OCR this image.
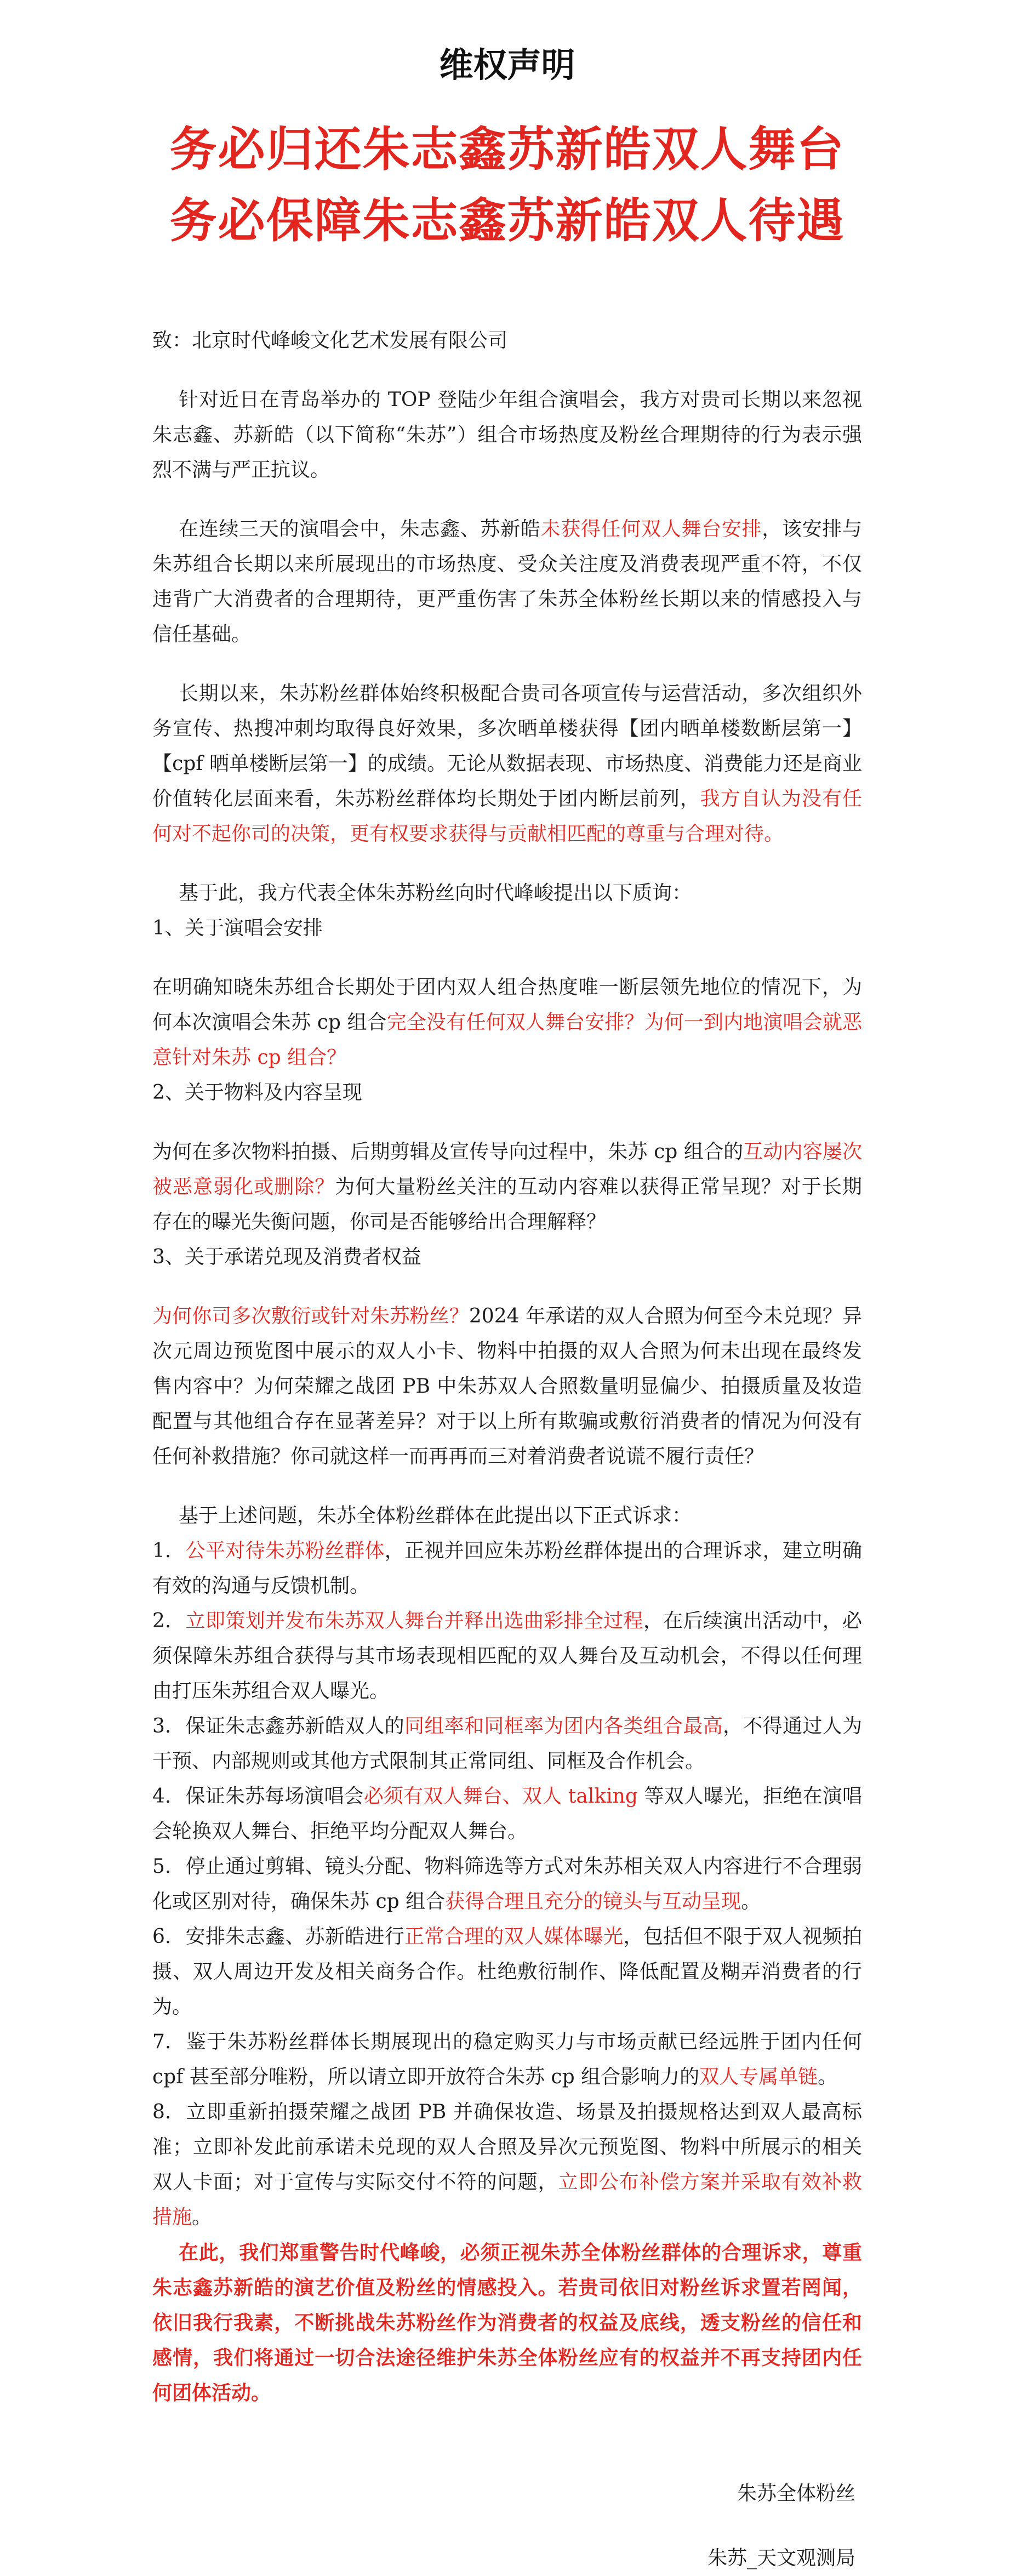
维权声明
务必归还朱志鑫苏新皓双人舞台
务必保障朱志鑫苏新皓双人待遇

致：北京时代峰峻文化艺术发展有限公司

针对近日在青岛举办的 TOP 登陆少年组合演唱会，我方对贵司长期以来忽视朱志鑫、苏新皓（以下简称“朱苏”）组合市场热度及粉丝合理期待的行为表示强烈不满与严正抗议。

在连续三天的演唱会中，朱志鑫、苏新皓未获得任何双人舞台安排，该安排与朱苏组合长期以来所展现出的市场热度、受众关注度及消费表现严重不符，不仅违背广大消费者的合理期待，更严重伤害了朱苏全体粉丝长期以来的情感投入与信任基础。

长期以来，朱苏粉丝群体始终积极配合贵司各项宣传与运营活动，多次组织外务宣传、热搜冲刺均取得良好效果，多次晒单楼获得【团内晒单楼数断层第一】【cpf 晒单楼断层第一】的成绩。无论从数据表现、市场热度、消费能力还是商业价值转化层面来看，朱苏粉丝群体均长期处于团内断层前列，我方自认为没有任何对不起你司的决策，更有权要求获得与贡献相匹配的尊重与合理对待。

基于此，我方代表全体朱苏粉丝向时代峰峻提出以下质询：

1、关于演唱会安排

在明确知晓朱苏组合长期处于团内双人组合热度唯一断层领先地位的情况下，为何本次演唱会朱苏 cp 组合完全没有任何双人舞台安排？为何一到内地演唱会就恶意针对朱苏 cp 组合？

2、关于物料及内容呈现

为何在多次物料拍摄、后期剪辑及宣传导向过程中，朱苏 cp 组合的互动内容屡次被恶意弱化或删除？为何大量粉丝关注的互动内容难以获得正常呈现？对于长期存在的曝光失衡问题，你司是否能够给出合理解释？

3、关于承诺兑现及消费者权益

为何你司多次敷衍或针对朱苏粉丝？2024 年承诺的双人合照为何至今未兑现？异次元周边预览图中展示的双人小卡、物料中拍摄的双人合照为何未出现在最终发售内容中？为何荣耀之战团 PB 中朱苏双人合照数量明显偏少、拍摄质量及妆造配置与其他组合存在显著差异？对于以上所有欺骗或敷衍消费者的情况为何没有任何补救措施？你司就这样一而再再而三对着消费者说谎不履行责任？

基于上述问题，朱苏全体粉丝群体在此提出以下正式诉求：

1. 公平对待朱苏粉丝群体，正视并回应朱苏粉丝群体提出的合理诉求，建立明确有效的沟通与反馈机制。

2. 立即策划并发布朱苏双人舞台并释出选曲彩排全过程，在后续演出活动中，必须保障朱苏组合获得与其市场表现相匹配的双人舞台及互动机会，不得以任何理由打压朱苏组合双人曝光。

3. 保证朱志鑫苏新皓双人的同组率和同框率为团内各类组合最高，不得通过人为干预、内部规则或其他方式限制其正常同组、同框及合作机会。

4. 保证朱苏每场演唱会必须有双人舞台、双人 talking 等双人曝光，拒绝在演唱会轮换双人舞台、拒绝平均分配双人舞台。

5. 停止通过剪辑、镜头分配、物料筛选等方式对朱苏相关双人内容进行不合理弱化或区别对待，确保朱苏 cp 组合获得合理且充分的镜头与互动呈现。

6. 安排朱志鑫、苏新皓进行正常合理的双人媒体曝光，包括但不限于双人视频拍摄、双人周边开发及相关商务合作。杜绝敷衍制作、降低配置及糊弄消费者的行为。

7. 鉴于朱苏粉丝群体长期展现出的稳定购买力与市场贡献已经远胜于团内任何 cpf 甚至部分唯粉，所以请立即开放符合朱苏 cp 组合影响力的双人专属单链。

8. 立即重新拍摄荣耀之战团 PB 并确保妆造、场景及拍摄规格达到双人最高标准；立即补发此前承诺未兑现的双人合照及异次元预览图、物料中所展示的相关双人卡面；对于宣传与实际交付不符的问题，立即公布补偿方案并采取有效补救措施。

在此，我们郑重警告时代峰峻，必须正视朱苏全体粉丝群体的合理诉求，尊重朱志鑫苏新皓的演艺价值及粉丝的情感投入。若贵司依旧对粉丝诉求置若罔闻，依旧我行我素，不断挑战朱苏粉丝作为消费者的权益及底线，透支粉丝的信任和感情，我们将通过一切合法途径维护朱苏全体粉丝应有的权益并不再支持团内任何团体活动。

朱苏全体粉丝

朱苏_天文观测局
